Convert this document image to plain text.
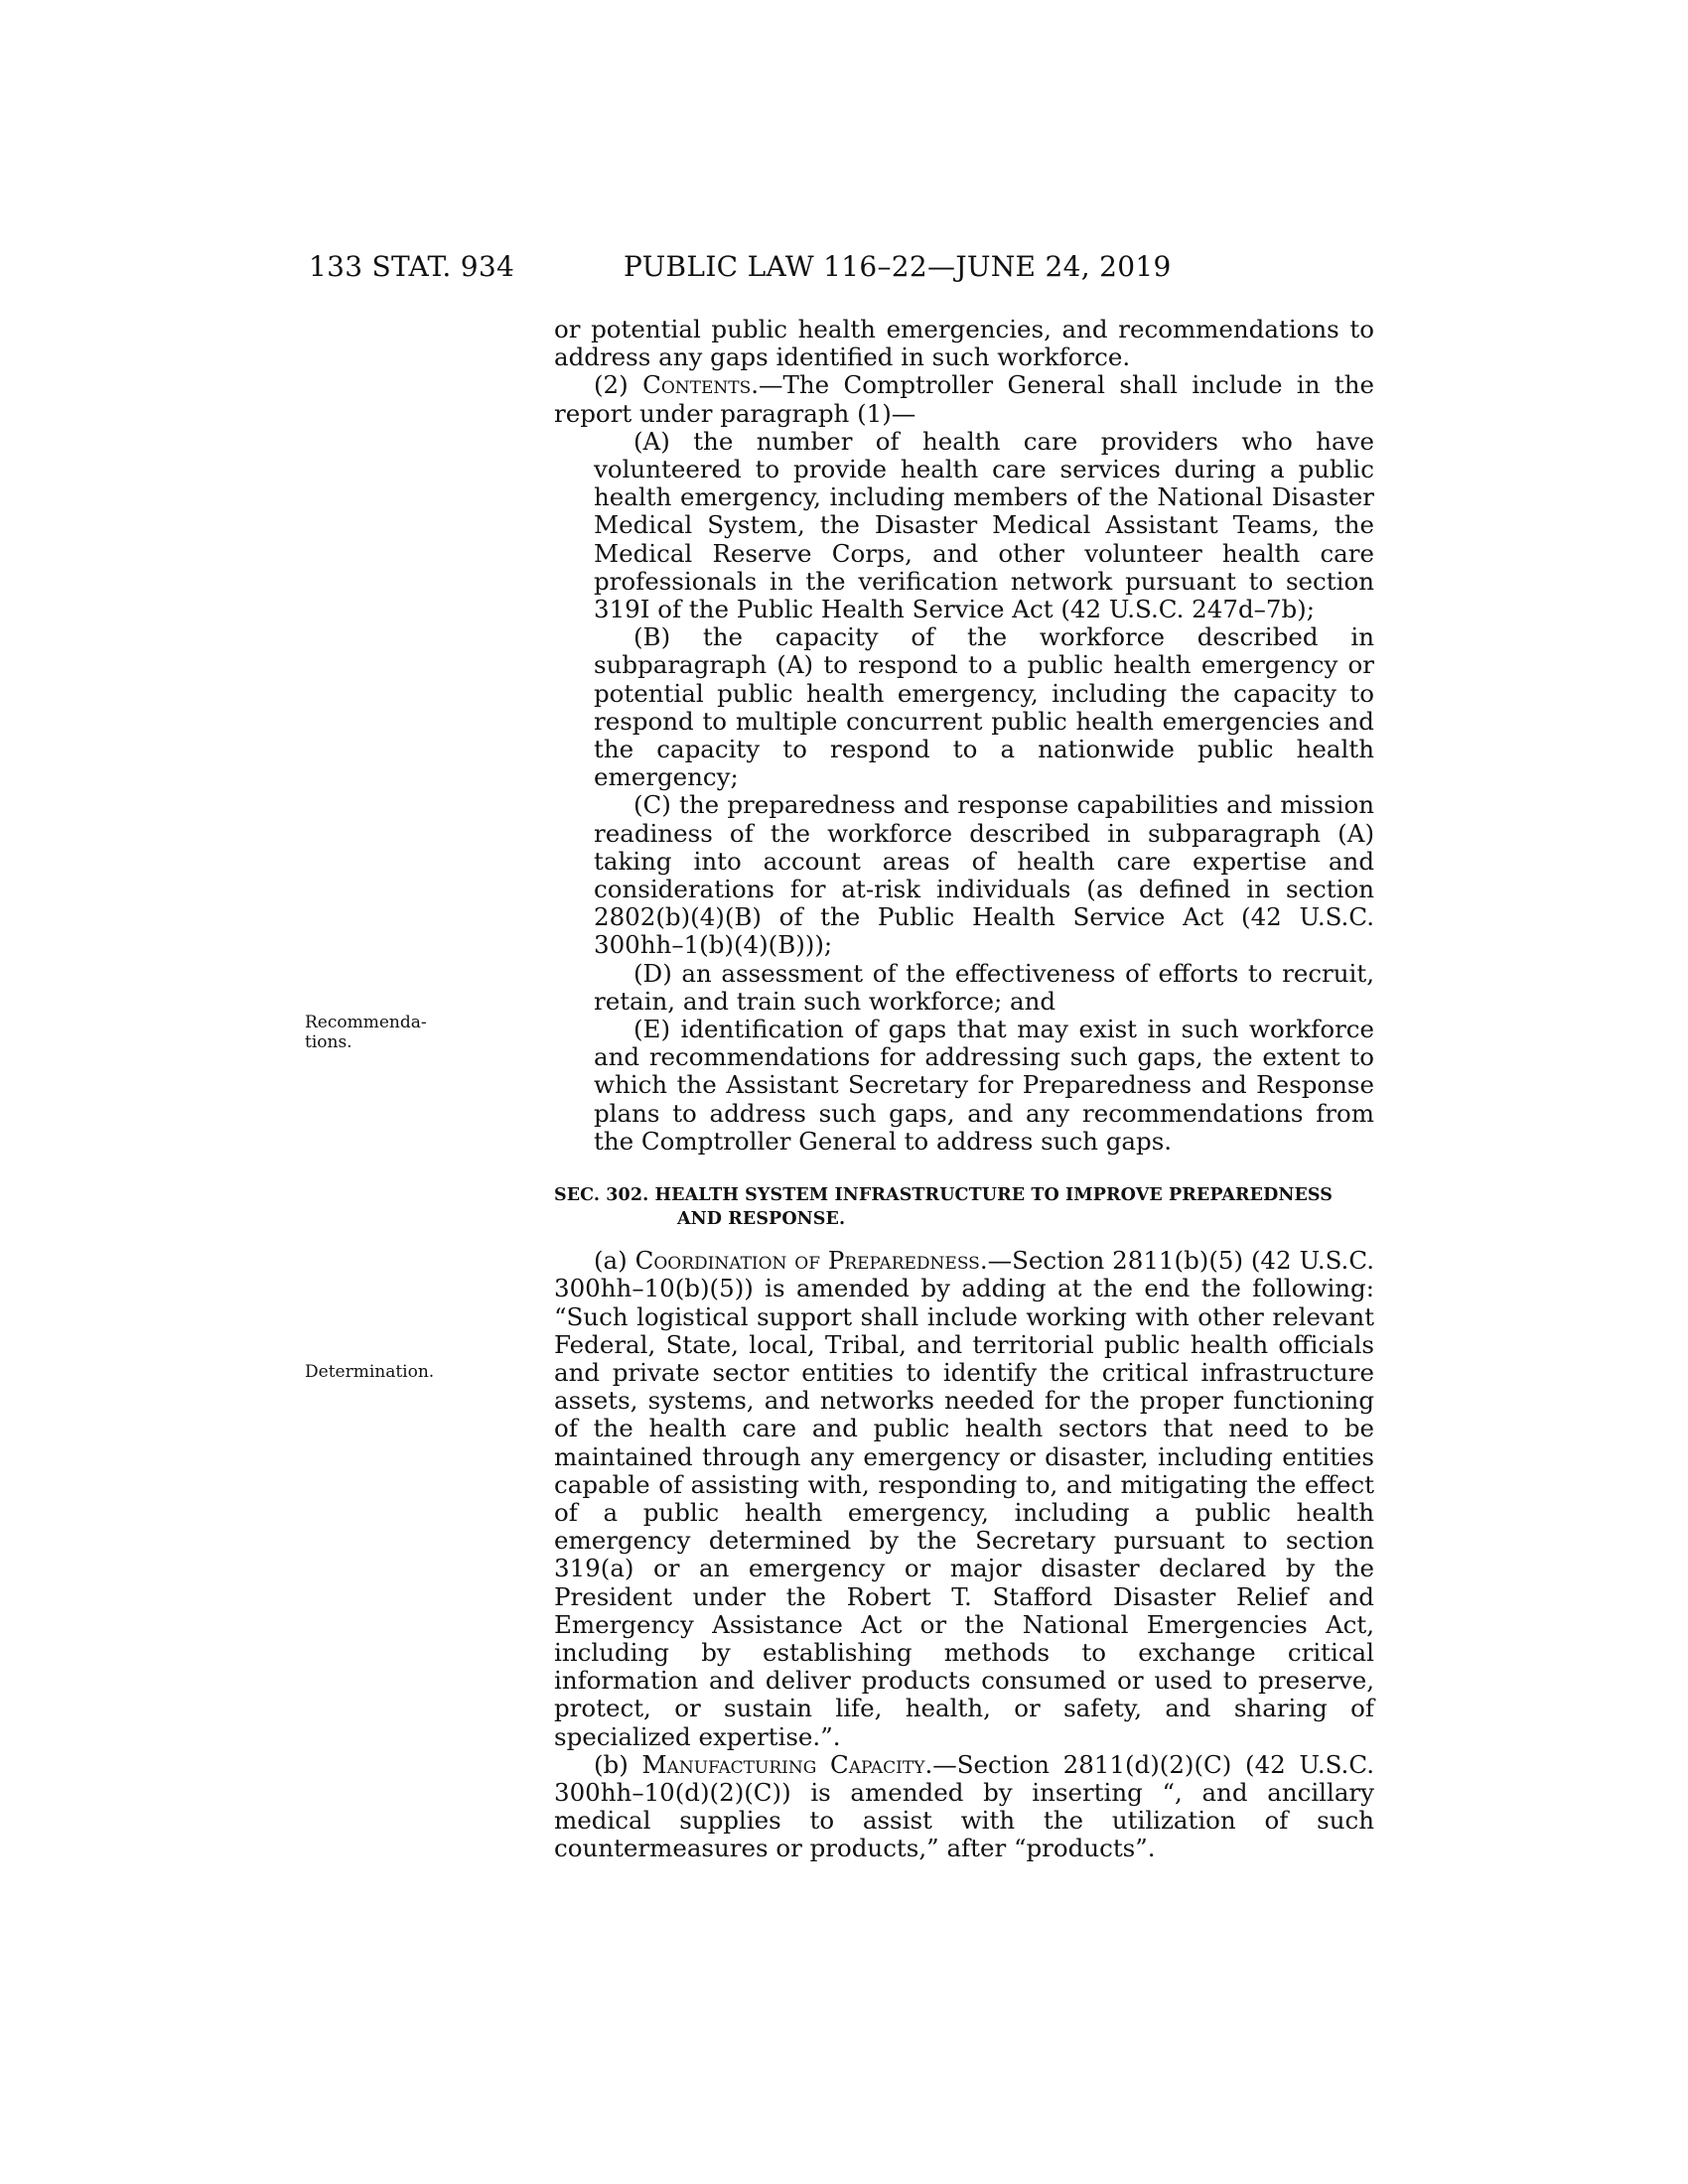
133 STAT. 934	PUBLIC LAW 116–22—JUNE 24, 2019
Recommenda-
tions.
Determination.

or potential public health emergencies, and recommendations to address any gaps identified in such workforce.

(2) Contents.—The Comptroller General shall include in the report under paragraph (1)—

(A) the number of health care providers who have volunteered to provide health care services during a public health emergency, including members of the National Disaster Medical System, the Disaster Medical Assistant Teams, the Medical Reserve Corps, and other volunteer health care professionals in the verification network pursuant to section 319I of the Public Health Service Act (42 U.S.C. 247d–7b);

(B) the capacity of the workforce described in subparagraph (A) to respond to a public health emergency or potential public health emergency, including the capacity to respond to multiple concurrent public health emergencies and the capacity to respond to a nationwide public health emergency;

(C) the preparedness and response capabilities and mission readiness of the workforce described in subparagraph (A) taking into account areas of health care expertise and considerations for at-risk individuals (as defined in section 2802(b)(4)(B) of the Public Health Service Act (42 U.S.C. 300hh–1(b)(4)(B)));

(D) an assessment of the effectiveness of efforts to recruit, retain, and train such workforce; and

(E) identification of gaps that may exist in such workforce and recommendations for addressing such gaps, the extent to which the Assistant Secretary for Preparedness and Response plans to address such gaps, and any recommendations from the Comptroller General to address such gaps.

SEC. 302. HEALTH SYSTEM INFRASTRUCTURE TO IMPROVE PREPAREDNESS AND RESPONSE.

(a) Coordination of Preparedness.—Section 2811(b)(5) (42 U.S.C. 300hh–10(b)(5)) is amended by adding at the end the following: “Such logistical support shall include working with other relevant Federal, State, local, Tribal, and territorial public health officials and private sector entities to identify the critical infrastructure assets, systems, and networks needed for the proper functioning of the health care and public health sectors that need to be maintained through any emergency or disaster, including entities capable of assisting with, responding to, and mitigating the effect of a public health emergency, including a public health emergency determined by the Secretary pursuant to section 319(a) or an emergency or major disaster declared by the President under the Robert T. Stafford Disaster Relief and Emergency Assistance Act or the National Emergencies Act, including by establishing methods to exchange critical information and deliver products consumed or used to preserve, protect, or sustain life, health, or safety, and sharing of specialized expertise.”.

(b) Manufacturing Capacity.—Section 2811(d)(2)(C) (42 U.S.C. 300hh–10(d)(2)(C)) is amended by inserting “, and ancillary medical supplies to assist with the utilization of such countermeasures or products,” after “products”.
